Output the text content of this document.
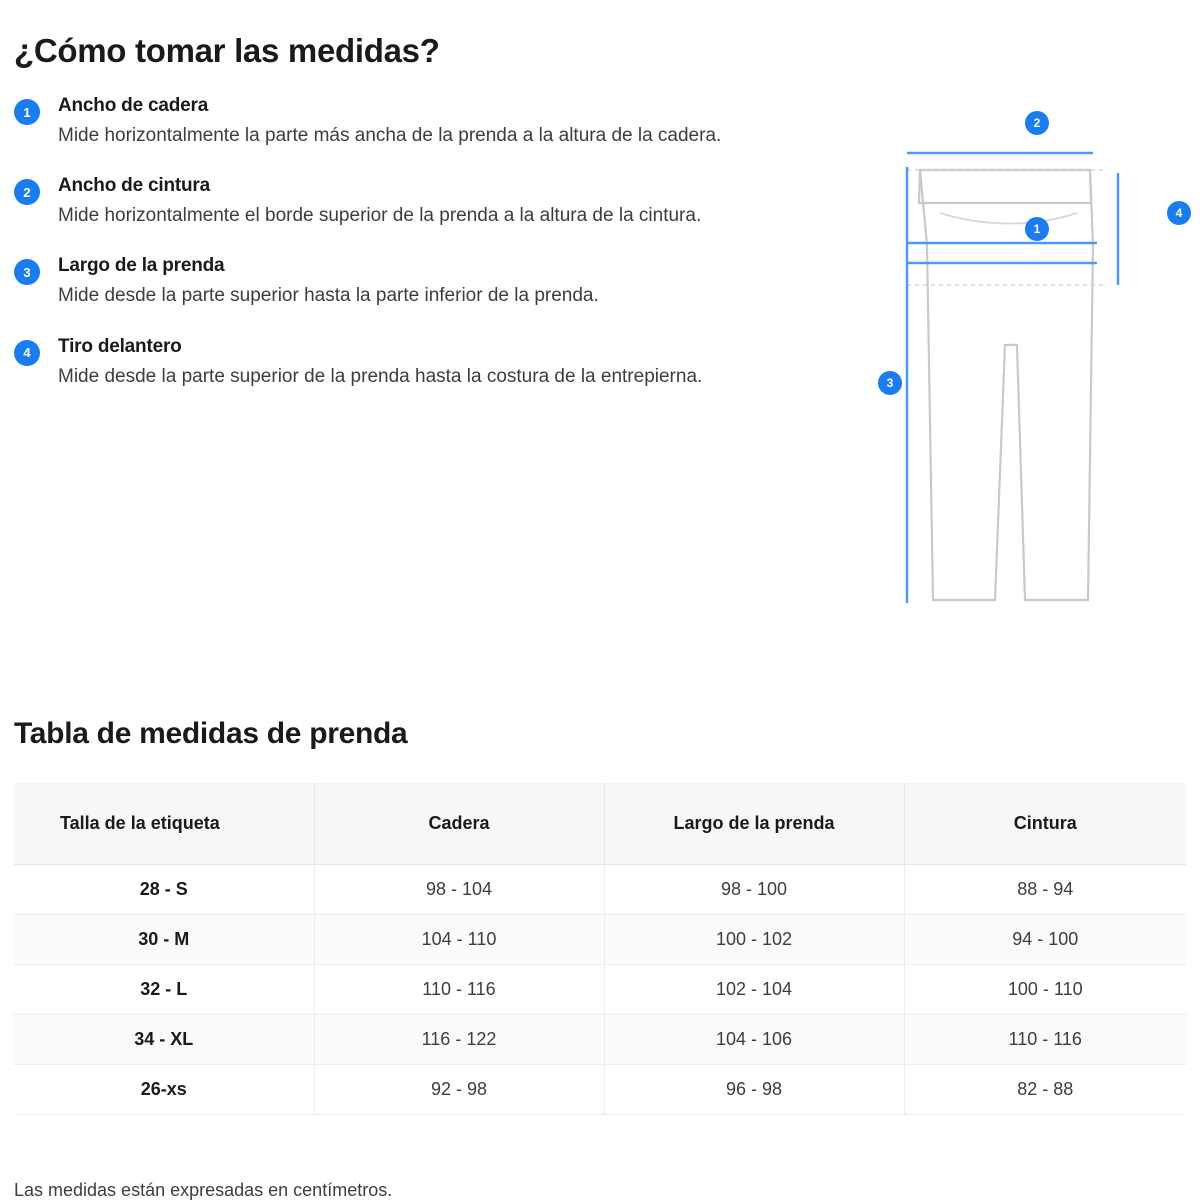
¿Cómo tomar las medidas?
1	Ancho de cadera

Mide horizontalmente la parte más ancha de la prenda a la altura de la cadera.

2	Ancho de cintura

Mide horizontalmente el borde superior de la prenda a la altura de la cintura.

3	Largo de la prenda

Mide desde la parte superior hasta la parte inferior de la prenda.

4	Tiro delantero

Mide desde la parte superior de la prenda hasta la costura de la entrepierna.

2
1
3
4
Tabla de medidas de prenda
Talla de la etiqueta	Cadera	Largo de la prenda	Cintura
28 - S	98 - 104	98 - 100	88 - 94
30 - M	104 - 110	100 - 102	94 - 100
32 - L	110 - 116	102 - 104	100 - 110
34 - XL	116 - 122	104 - 106	110 - 116
26-xs	92 - 98	96 - 98	82 - 88
Las medidas están expresadas en centímetros.
